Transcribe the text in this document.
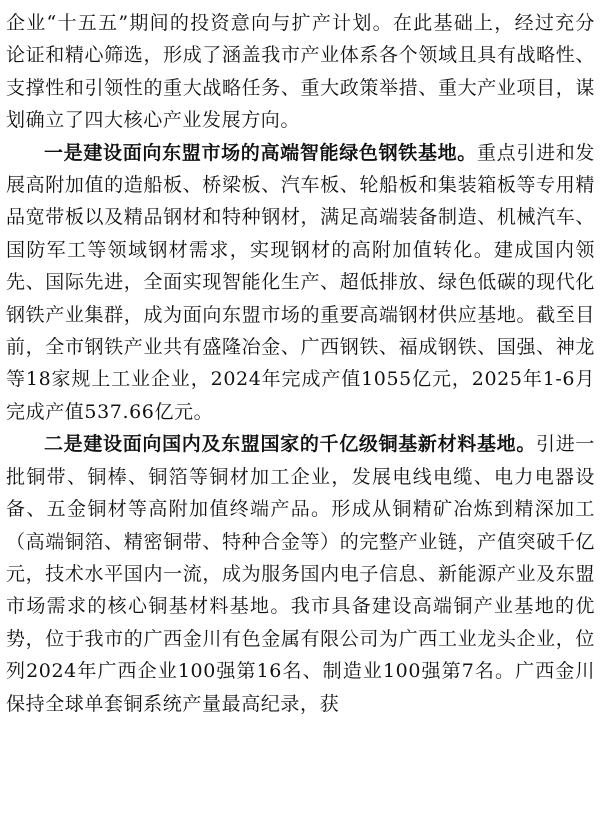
企业“十五五”期间的投资意向与扩产计划。在此基础上，经过充分论证和精心筛选，形成了涵盖我市产业体系各个领域且具有战略性、支撑性和引领性的重大战略任务、重大政策举措、重大产业项目，谋划确立了四大核心产业发展方向。

一是建设面向东盟市场的高端智能绿色钢铁基地。重点引进和发展高附加值的造船板、桥梁板、汽车板、轮船板和集装箱板等专用精品宽带板以及精品钢材和特种钢材，满足高端装备制造、机械汽车、国防军工等领域钢材需求，实现钢材的高附加值转化。建成国内领先、国际先进，全面实现智能化生产、超低排放、绿色低碳的现代化钢铁产业集群，成为面向东盟市场的重要高端钢材供应基地。截至目前，全市钢铁产业共有盛隆冶金、广西钢铁、福成钢铁、国强、神龙等18家规上工业企业，2024年完成产值1055亿元，2025年1-6月完成产值537.66亿元。

二是建设面向国内及东盟国家的千亿级铜基新材料基地。引进一批铜带、铜棒、铜箔等铜材加工企业，发展电线电缆、电力电器设备、五金铜材等高附加值终端产品。形成从铜精矿冶炼到精深加工（高端铜箔、精密铜带、特种合金等）的完整产业链，产值突破千亿元，技术水平国内一流，成为服务国内电子信息、新能源产业及东盟市场需求的核心铜基材料基地。我市具备建设高端铜产业基地的优势，位于我市的广西金川有色金属有限公司为广西工业龙头企业，位列2024年广西企业100强第16名、制造业100强第7名。广西金川保持全球单套铜系统产量最高纪录，获
